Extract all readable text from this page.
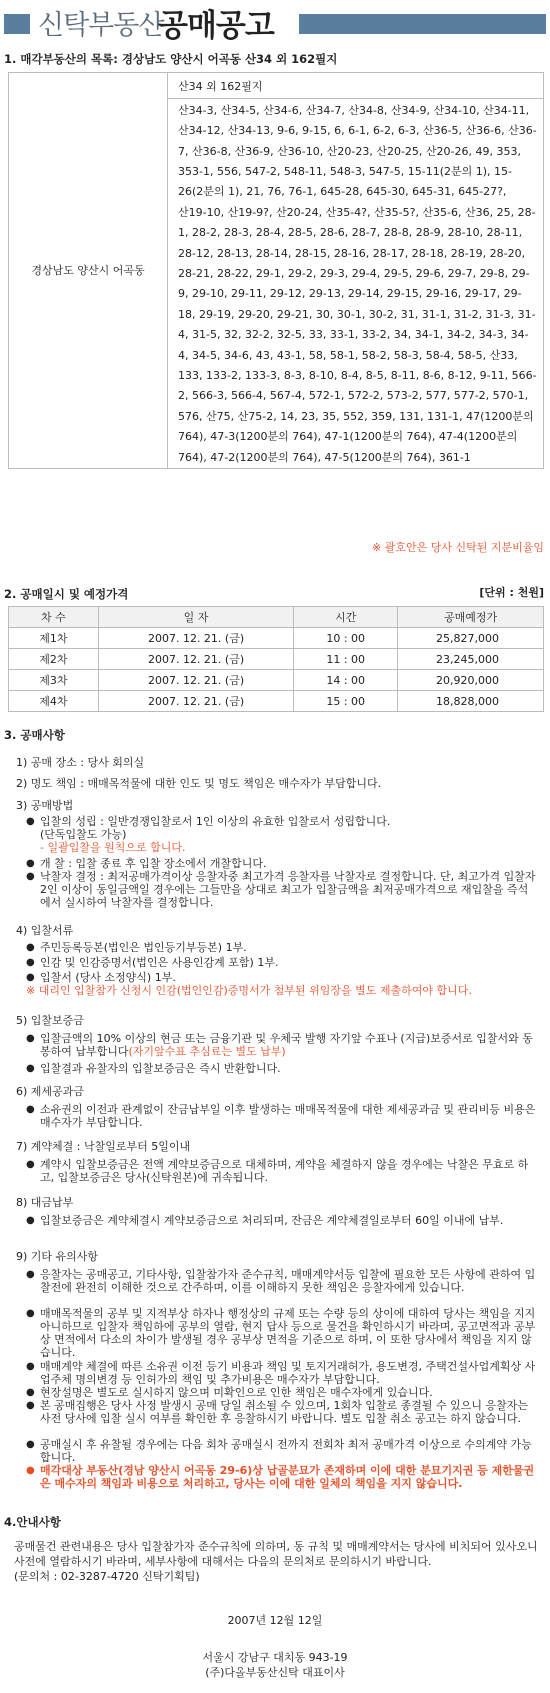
신탁부동산
공매공고
1. 매각부동산의 목록: 경상남도 양산시 어곡동 산34 외 162필지
경상남도 양산시 어곡동	산34 외 162필지
산34-3, 산34-5, 산34-6, 산34-7, 산34-8, 산34-9, 산34-10, 산34-11, 산34-12, 산34-13, 9-6, 9-15, 6, 6-1, 6-2, 6-3, 산36-5, 산36-6, 산36-7, 산36-8, 산36-9, 산36-10, 산20-23, 산20-25, 산20-26, 49, 353, 353-1, 556, 547-2, 548-11, 548-3, 547-5, 15-11(2분의 1), 15-26(2분의 1), 21, 76, 76-1, 645-28, 645-30, 645-31, 645-27?, 산19-10, 산19-9?, 산20-24, 산35-4?, 산35-5?, 산35-6, 산36, 25, 28-1, 28-2, 28-3, 28-4, 28-5, 28-6, 28-7, 28-8, 28-9, 28-10, 28-11, 28-12, 28-13, 28-14, 28-15, 28-16, 28-17, 28-18, 28-19, 28-20, 28-21, 28-22, 29-1, 29-2, 29-3, 29-4, 29-5, 29-6, 29-7, 29-8, 29-9, 29-10, 29-11, 29-12, 29-13, 29-14, 29-15, 29-16, 29-17, 29-18, 29-19, 29-20, 29-21, 30, 30-1, 30-2, 31, 31-1, 31-2, 31-3, 31-4, 31-5, 32, 32-2, 32-5, 33, 33-1, 33-2, 34, 34-1, 34-2, 34-3, 34-4, 34-5, 34-6, 43, 43-1, 58, 58-1, 58-2, 58-3, 58-4, 58-5, 산33, 133, 133-2, 133-3, 8-3, 8-10, 8-4, 8-5, 8-11, 8-6, 8-12, 9-11, 566-2, 566-3, 566-4, 567-4, 572-1, 572-2, 573-2, 577, 577-2, 570-1, 576, 산75, 산75-2, 14, 23, 35, 552, 359, 131, 131-1, 47(1200분의 764), 47-3(1200분의 764), 47-1(1200분의 764), 47-4(1200분의 764), 47-2(1200분의 764), 47-5(1200분의 764), 361-1
※ 괄호안은 당사 신탁된 지분비율임
2. 공매일시 및 예정가격	[단위 : 천원]
차 수	일 자	시간	공매예정가
제1차	2007. 12. 21. (금)	10 : 00	25,827,000
제2차	2007. 12. 21. (금)	11 : 00	23,245,000
제3차	2007. 12. 21. (금)	14 : 00	20,920,000
제4차	2007. 12. 21. (금)	15 : 00	18,828,000
3. 공매사항
1) 공매 장소 : 당사 회의실
2) 명도 책임 : 매매목적물에 대한 인도 및 명도 책임은 매수자가 부담합니다.
3) 공매방법
● 입찰의 성립 : 일반경쟁입찰로서 1인 이상의 유효한 입찰로서 성립합니다.
(단독입찰도 가능)
- 일괄입찰을 원칙으로 합니다.
● 개 찰 : 입찰 종료 후 입찰 장소에서 개찰합니다.
● 낙찰자 결정 : 최저공매가격이상 응찰자중 최고가격 응찰자를 낙찰자로 결정합니다. 단, 최고가격 입찰자 2인 이상이 동일금액일 경우에는 그들만을 상대로 최고가 입찰금액을 최저공매가격으로 재입찰을 즉석에서 실시하여 낙찰자를 결정합니다.
4) 입찰서류
● 주민등록등본(법인은 법인등기부등본) 1부.
● 인감 및 인감증명서(법인은 사용인감계 포함) 1부.
● 입찰서 (당사 소정양식) 1부.
※ 대리인 입찰참가 신청시 인감(법인인감)증명서가 첨부된 위임장을 별도 제출하여야 합니다.
5) 입찰보증금
● 입찰금액의 10% 이상의 현금 또는 금융기관 및 우체국 발행 자기앞 수표나 (지급)보증서로 입찰서와 동봉하여 납부합니다(자기앞수표 추심료는 별도 납부)
● 입찰결과 유찰자의 입찰보증금은 즉시 반환합니다.
6) 제세공과금
● 소유권의 이전과 관계없이 잔금납부일 이후 발생하는 매매목적물에 대한 제세공과금 및 관리비등 비용은 매수자가 부담합니다.
7) 계약체결 : 낙찰일로부터 5일이내
● 계약시 입찰보증금은 전액 계약보증금으로 대체하며, 계약을 체결하지 않을 경우에는 낙찰은 무효로 하고, 입찰보증금은 당사(신탁원본)에 귀속됩니다.
8) 대금납부
● 입찰보증금은 계약체결시 계약보증금으로 처리되며, 잔금은 계약체결일로부터 60일 이내에 납부.
9) 기타 유의사항
● 응찰자는 공매공고, 기타사항, 입찰참가자 준수규칙, 매매계약서등 입찰에 필요한 모든 사항에 관하여 입찰전에 완전히 이해한 것으로 간주하며, 이를 이해하지 못한 책임은 응찰자에게 있습니다.
● 매매목적물의 공부 및 지적부상 하자나 행정상의 규제 또는 수량 등의 상이에 대하여 당사는 책임을 지지 아니하므로 입찰자 책임하에 공부의 열람, 현지 답사 등으로 물건을 확인하시기 바라며, 공고면적과 공부상 면적에서 다소의 차이가 발생될 경우 공부상 면적을 기준으로 하며, 이 또한 당사에서 책임을 지지 않습니다.
● 매매계약 체결에 따른 소유권 이전 등기 비용과 책임 및 토지거래허가, 용도변경, 주택건설사업계획상 사업주체 명의변경 등 인허가의 책임 및 추가비용은 매수자가 부담합니다.
● 현장설명은 별도로 실시하지 않으며 미확인으로 인한 책임은 매수자에게 있습니다.
● 본 공매집행은 당사 사정 발생시 공매 당일 취소될 수 있으며, 1회차 입찰로 종결될 수 있으니 응찰자는 사전 당사에 입찰 실시 여부를 확인한 후 응찰하시기 바랍니다. 별도 입찰 취소 공고는 하지 않습니다.
● 공매실시 후 유찰될 경우에는 다음 회차 공매실시 전까지 전회차 최저 공매가격 이상으로 수의계약 가능합니다.
● 매각대상 부동산(경남 양산시 어곡동 29-6)상 납골분묘가 존재하며 이에 대한 분묘기지권 등 제한물권은 매수자의 책임과 비용으로 처리하고, 당사는 이에 대한 일체의 책임을 지지 않습니다.
4.안내사항
공매물건 관련내용은 당사 입찰참가자 준수규칙에 의하며, 동 규칙 및 매매계약서는 당사에 비치되어 있사오니 사전에 열람하시기 바라며, 세부사항에 대해서는 다음의 문의처로 문의하시기 바랍니다.
(문의처 : 02-3287-4720 신탁기획팀)
2007년 12월 12일
서울시 강남구 대치동 943-19
(주)다올부동산신탁 대표이사
